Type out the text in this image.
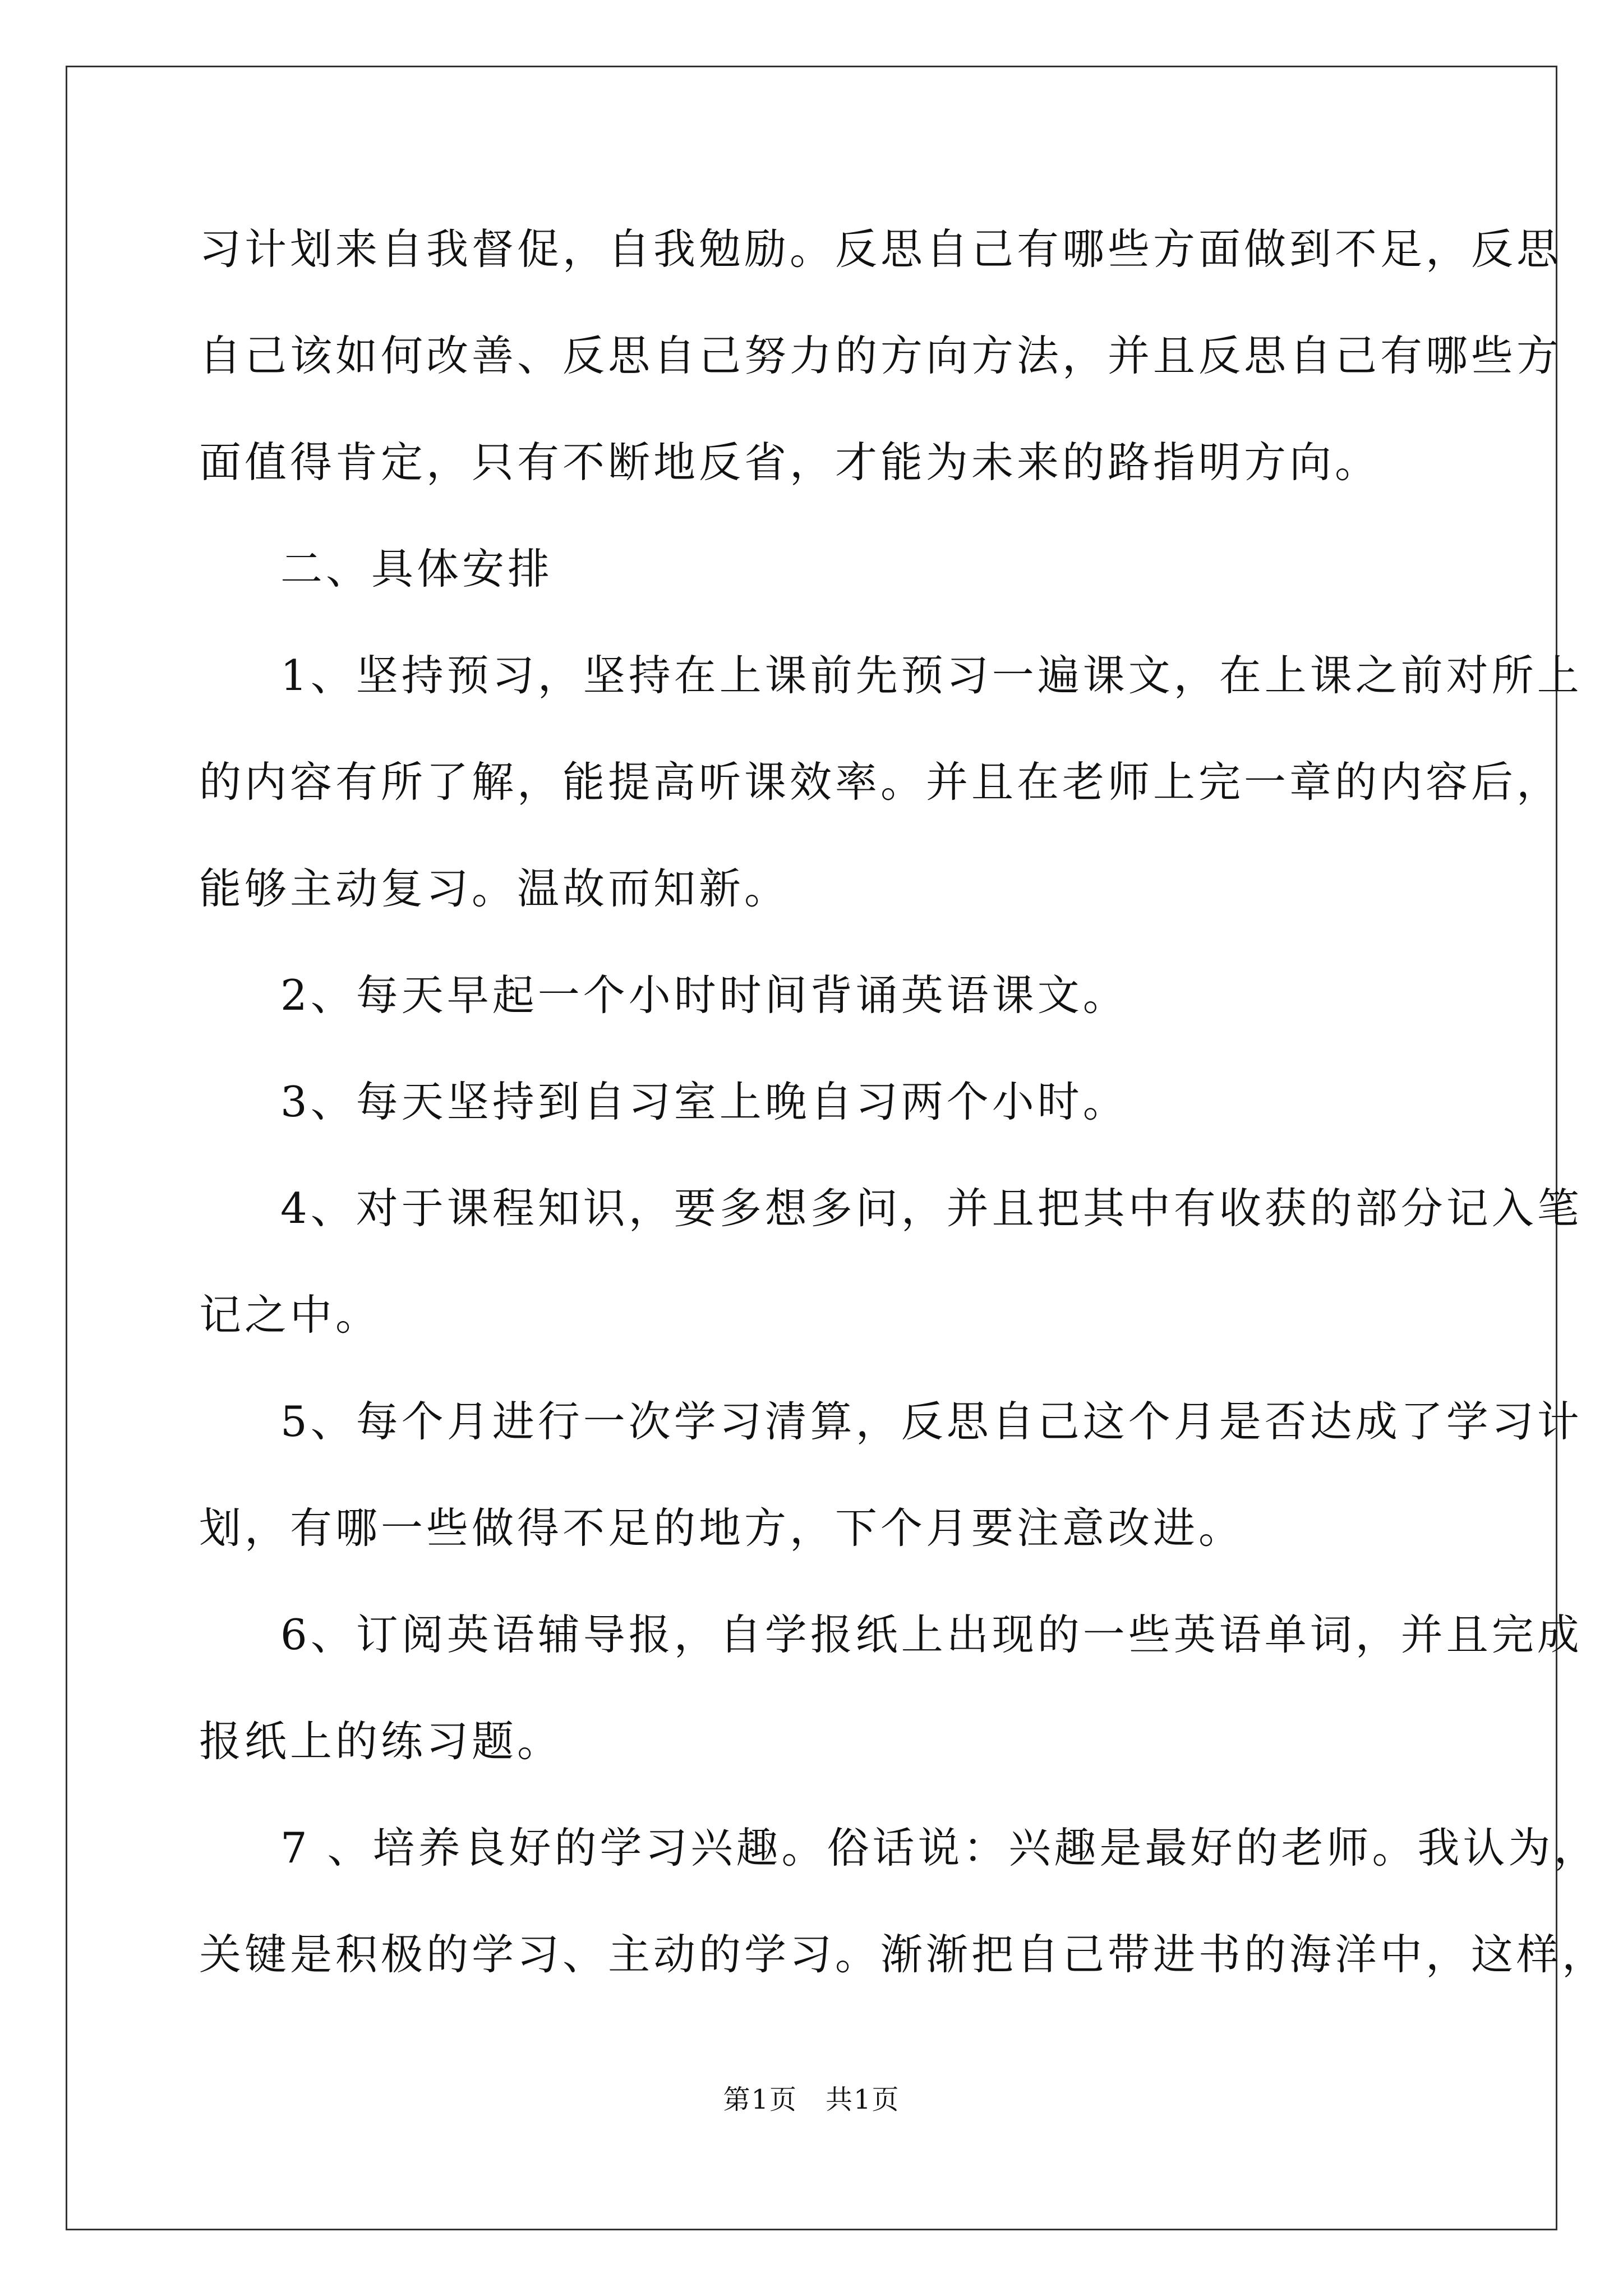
习计划来自我督促，自我勉励。反思自己有哪些方面做到不足，反思

自己该如何改善、反思自己努力的方向方法，并且反思自己有哪些方

面值得肯定，只有不断地反省，才能为未来的路指明方向。

二、具体安排

1、坚持预习，坚持在上课前先预习一遍课文，在上课之前对所上

的内容有所了解，能提高听课效率。并且在老师上完一章的内容后，

能够主动复习。温故而知新。

2、每天早起一个小时时间背诵英语课文。

3、每天坚持到自习室上晚自习两个小时。

4、对于课程知识，要多想多问，并且把其中有收获的部分记入笔

记之中。

5、每个月进行一次学习清算，反思自己这个月是否达成了学习计

划，有哪一些做得不足的地方，下个月要注意改进。

6、订阅英语辅导报，自学报纸上出现的一些英语单词，并且完成

报纸上的练习题。

7 、培养良好的学习兴趣。俗话说：兴趣是最好的老师。我认为，

关键是积极的学习、主动的学习。渐渐把自己带进书的海洋中，这样，

第1页　共1页
